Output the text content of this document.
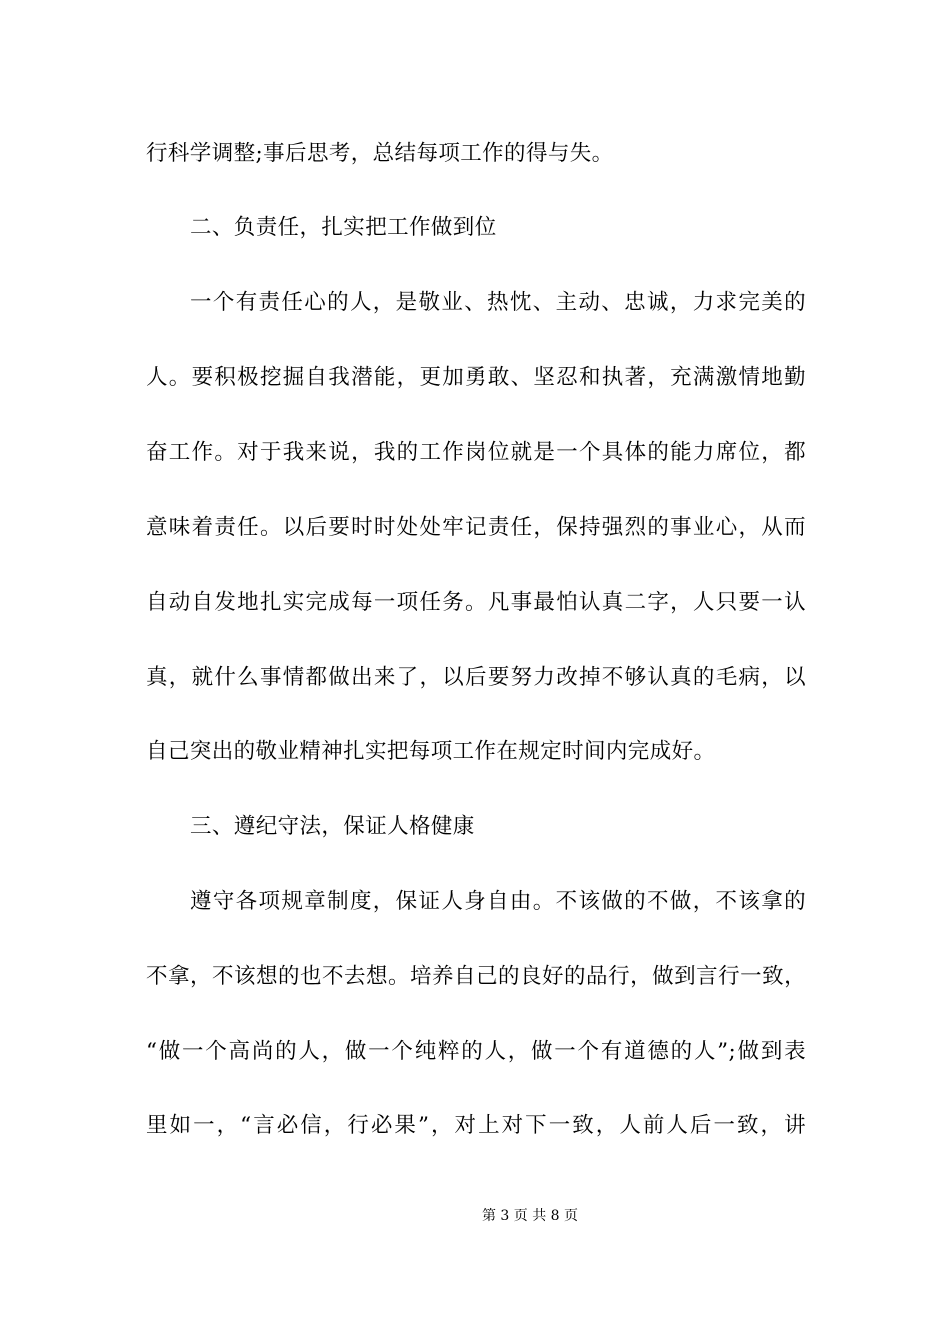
行科学调整;事后思考，总结每项工作的得与失。
二、负责任，扎实把工作做到位
一个有责任心的人，是敬业、热忱、主动、忠诚，力求完美的
人。要积极挖掘自我潜能，更加勇敢、坚忍和执著，充满激情地勤
奋工作。对于我来说，我的工作岗位就是一个具体的能力席位，都
意味着责任。以后要时时处处牢记责任，保持强烈的事业心，从而
自动自发地扎实完成每一项任务。凡事最怕认真二字，人只要一认
真，就什么事情都做出来了，以后要努力改掉不够认真的毛病，以
自己突出的敬业精神扎实把每项工作在规定时间内完成好。
三、遵纪守法，保证人格健康
遵守各项规章制度，保证人身自由。不该做的不做，不该拿的
不拿，不该想的也不去想。培养自己的良好的品行，做到言行一致，
“做一个高尚的人，做一个纯粹的人，做一个有道德的人”;做到表
里如一，“言必信，行必果”，对上对下一致，人前人后一致，讲
第 3 页 共 8 页
